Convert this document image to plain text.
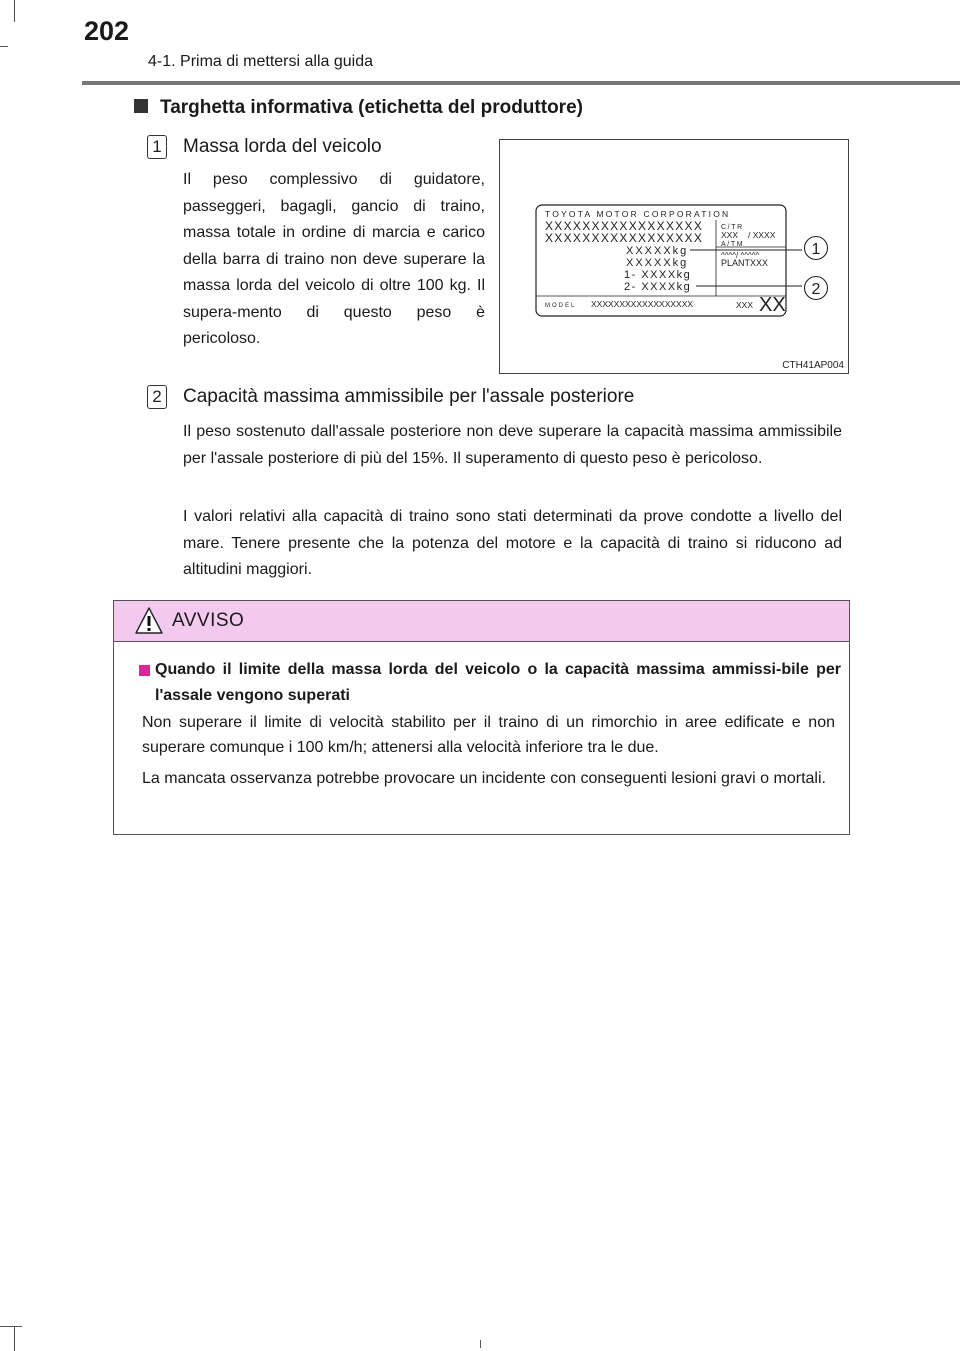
202
4-1. Prima di mettersi alla guida
Targhetta informativa (etichetta del produttore)
1 Massa lorda del veicolo

Il peso complessivo di guidatore, passeggeri, bagagli, gancio di traino, massa totale in ordine di marcia e carico della barra di traino non deve superare la massa lorda del veicolo di oltre 100 kg. Il supera-mento di questo peso è pericoloso.

TOYOTA MOTOR CORPORATION
XXXXXXXXXXXXXXXXX
XXXXXXXXXXXXXXXXX
XXXXXkg
XXXXXkg
1- XXXXkg
2- XXXXkg
C/TR
XXX / XXXX
A/TM
^^^^/ ^^^^^
PLANTXXX
MODEL XXXXXXXXXXXXXXXXXX	XXX XX
1
2
CTH41AP004
2 Capacità massima ammissibile per l'assale posteriore

Il peso sostenuto dall'assale posteriore non deve superare la capacità massima ammissibile per l'assale posteriore di più del 15%. Il superamento di questo peso è pericoloso.

I valori relativi alla capacità di traino sono stati determinati da prove condotte a livello del mare. Tenere presente che la potenza del motore e la capacità di traino si riducono ad altitudini maggiori.

AVVISO
Quando il limite della massa lorda del veicolo o la capacità massima ammissi-bile per l'assale vengono superati

Non superare il limite di velocità stabilito per il traino di un rimorchio in aree edificate e non superare comunque i 100 km/h; attenersi alla velocità inferiore tra le due.

La mancata osservanza potrebbe provocare un incidente con conseguenti lesioni gravi o mortali.
